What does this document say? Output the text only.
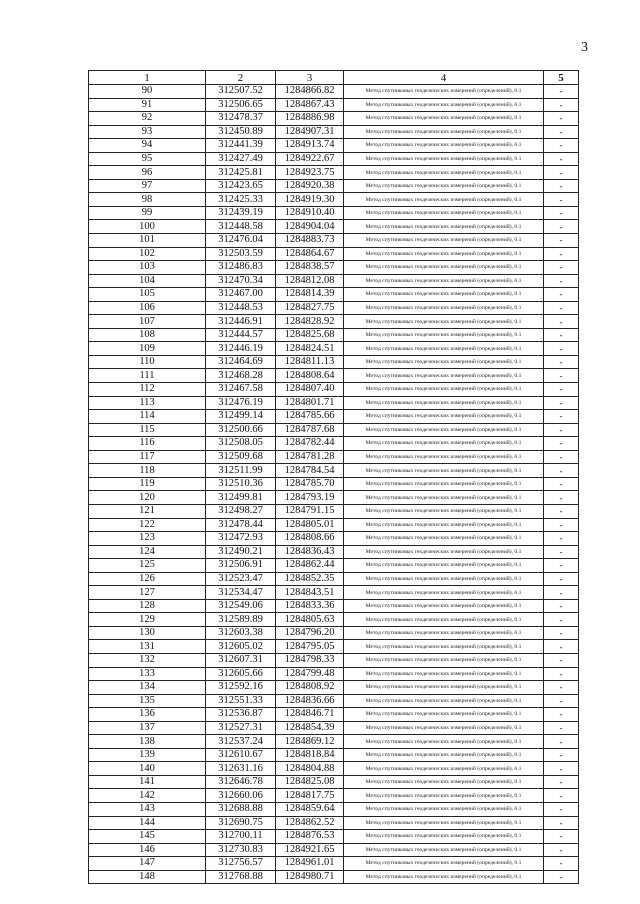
3
1	2	3	4	5
90	312507.52	1284866.82	Метод спутниковых геодезических измерений (определений), 0.1	-
91	312506.65	1284867.43	Метод спутниковых геодезических измерений (определений), 0.1	-
92	312478.37	1284886.98	Метод спутниковых геодезических измерений (определений), 0.1	-
93	312450.89	1284907.31	Метод спутниковых геодезических измерений (определений), 0.1	-
94	312441.39	1284913.74	Метод спутниковых геодезических измерений (определений), 0.1	-
95	312427.49	1284922.67	Метод спутниковых геодезических измерений (определений), 0.1	-
96	312425.81	1284923.75	Метод спутниковых геодезических измерений (определений), 0.1	-
97	312423.65	1284920.38	Метод спутниковых геодезических измерений (определений), 0.1	-
98	312425.33	1284919.30	Метод спутниковых геодезических измерений (определений), 0.1	-
99	312439.19	1284910.40	Метод спутниковых геодезических измерений (определений), 0.1	-
100	312448.58	1284904.04	Метод спутниковых геодезических измерений (определений), 0.1	-
101	312476.04	1284883.73	Метод спутниковых геодезических измерений (определений), 0.1	-
102	312503.59	1284864.67	Метод спутниковых геодезических измерений (определений), 0.1	-
103	312486.83	1284838.57	Метод спутниковых геодезических измерений (определений), 0.1	-
104	312470.34	1284812.08	Метод спутниковых геодезических измерений (определений), 0.1	-
105	312467.00	1284814.39	Метод спутниковых геодезических измерений (определений), 0.1	-
106	312448.53	1284827.75	Метод спутниковых геодезических измерений (определений), 0.1	-
107	312446.91	1284828.92	Метод спутниковых геодезических измерений (определений), 0.1	-
108	312444.57	1284825.68	Метод спутниковых геодезических измерений (определений), 0.1	-
109	312446.19	1284824.51	Метод спутниковых геодезических измерений (определений), 0.1	-
110	312464.69	1284811.13	Метод спутниковых геодезических измерений (определений), 0.1	-
111	312468.28	1284808.64	Метод спутниковых геодезических измерений (определений), 0.1	-
112	312467.58	1284807.40	Метод спутниковых геодезических измерений (определений), 0.1	-
113	312476.19	1284801.71	Метод спутниковых геодезических измерений (определений), 0.1	-
114	312499.14	1284785.66	Метод спутниковых геодезических измерений (определений), 0.1	-
115	312500.66	1284787.68	Метод спутниковых геодезических измерений (определений), 0.1	-
116	312508.05	1284782.44	Метод спутниковых геодезических измерений (определений), 0.1	-
117	312509.68	1284781.28	Метод спутниковых геодезических измерений (определений), 0.1	-
118	312511.99	1284784.54	Метод спутниковых геодезических измерений (определений), 0.1	-
119	312510.36	1284785.70	Метод спутниковых геодезических измерений (определений), 0.1	-
120	312499.81	1284793.19	Метод спутниковых геодезических измерений (определений), 0.1	-
121	312498.27	1284791.15	Метод спутниковых геодезических измерений (определений), 0.1	-
122	312478.44	1284805.01	Метод спутниковых геодезических измерений (определений), 0.1	-
123	312472.93	1284808.66	Метод спутниковых геодезических измерений (определений), 0.1	-
124	312490.21	1284836.43	Метод спутниковых геодезических измерений (определений), 0.1	-
125	312506.91	1284862.44	Метод спутниковых геодезических измерений (определений), 0.1	-
126	312523.47	1284852.35	Метод спутниковых геодезических измерений (определений), 0.1	-
127	312534.47	1284843.51	Метод спутниковых геодезических измерений (определений), 0.1	-
128	312549.06	1284833.36	Метод спутниковых геодезических измерений (определений), 0.1	-
129	312589.89	1284805.63	Метод спутниковых геодезических измерений (определений), 0.1	-
130	312603.38	1284796.20	Метод спутниковых геодезических измерений (определений), 0.1	-
131	312605.02	1284795.05	Метод спутниковых геодезических измерений (определений), 0.1	-
132	312607.31	1284798.33	Метод спутниковых геодезических измерений (определений), 0.1	-
133	312605.66	1284799.48	Метод спутниковых геодезических измерений (определений), 0.1	-
134	312592.16	1284808.92	Метод спутниковых геодезических измерений (определений), 0.1	-
135	312551.33	1284836.66	Метод спутниковых геодезических измерений (определений), 0.1	-
136	312536.87	1284846.71	Метод спутниковых геодезических измерений (определений), 0.1	-
137	312527.31	1284854.39	Метод спутниковых геодезических измерений (определений), 0.1	-
138	312537.24	1284869.12	Метод спутниковых геодезических измерений (определений), 0.1	-
139	312610.67	1284818.84	Метод спутниковых геодезических измерений (определений), 0.1	-
140	312631.16	1284804.88	Метод спутниковых геодезических измерений (определений), 0.1	-
141	312646.78	1284825.08	Метод спутниковых геодезических измерений (определений), 0.1	-
142	312660.06	1284817.75	Метод спутниковых геодезических измерений (определений), 0.1	-
143	312688.88	1284859.64	Метод спутниковых геодезических измерений (определений), 0.1	-
144	312690.75	1284862.52	Метод спутниковых геодезических измерений (определений), 0.1	-
145	312700.11	1284876.53	Метод спутниковых геодезических измерений (определений), 0.1	-
146	312730.83	1284921.65	Метод спутниковых геодезических измерений (определений), 0.1	-
147	312756.57	1284961.01	Метод спутниковых геодезических измерений (определений), 0.1	-
148	312768.88	1284980.71	Метод спутниковых геодезических измерений (определений), 0.1	-
